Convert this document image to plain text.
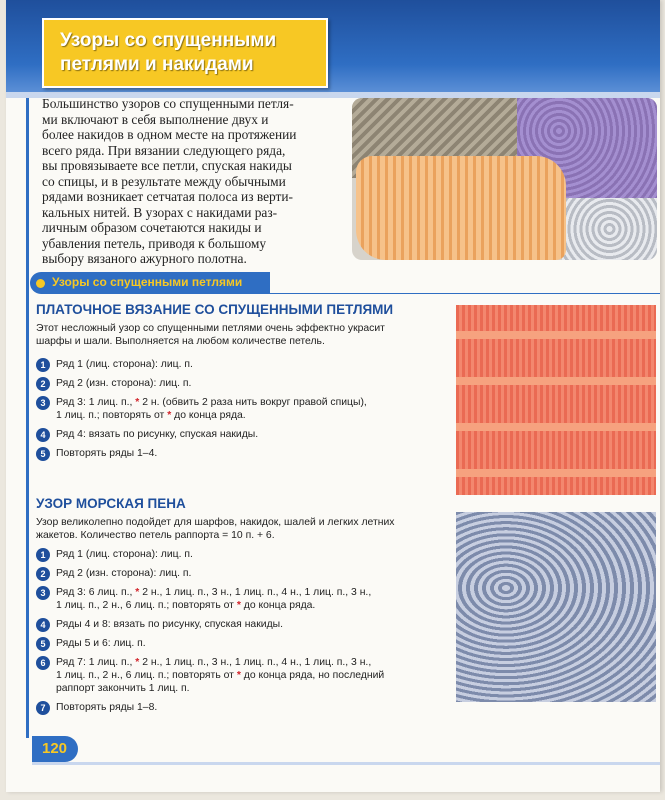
Узоры со спущенными
петлями и накидами
Большинство узоров со спущенными петля-
ми включают в себя выполнение двух и
более накидов в одном месте на протяжении
всего ряда. При вязании следующего ряда,
вы провязываете все петли, спуская накиды
со спицы, и в результате между обычными
рядами возникает сетчатая полоса из верти-
кальных нитей. В узорах с накидами раз-
личным образом сочетаются накиды и
убавления петель, приводя к большому
выбору вязаного ажурного полотна.
Узоры со спущенными петлями
ПЛАТОЧНОЕ ВЯЗАНИЕ СО СПУЩЕННЫМИ ПЕТЛЯМИ
Этот несложный узор со спущенными петлями очень эффектно украсит
шарфы и шали. Выполняется на любом количестве петель.
1	Ряд 1 (лиц. сторона): лиц. п.
2	Ряд 2 (изн. сторона): лиц. п.
3	Ряд 3: 1 лиц. п., * 2 н. (обвить 2 раза нить вокруг правой спицы),
1 лиц. п.; повторять от * до конца ряда.
4	Ряд 4: вязать по рисунку, спуская накиды.
5	Повторять ряды 1–4.
УЗОР МОРСКАЯ ПЕНА
Узор великолепно подойдет для шарфов, накидок, шалей и легких летних
жакетов. Количество петель раппорта = 10 п. + 6.
1	Ряд 1 (лиц. сторона): лиц. п.
2	Ряд 2 (изн. сторона): лиц. п.
3	Ряд 3: 6 лиц. п., * 2 н., 1 лиц. п., 3 н., 1 лиц. п., 4 н., 1 лиц. п., 3 н.,
1 лиц. п., 2 н., 6 лиц. п.; повторять от * до конца ряда.
4	Ряды 4 и 8: вязать по рисунку, спуская накиды.
5	Ряды 5 и 6: лиц. п.
6	Ряд 7: 1 лиц. п., * 2 н., 1 лиц. п., 3 н., 1 лиц. п., 4 н., 1 лиц. п., 3 н.,
1 лиц. п., 2 н., 6 лиц. п.; повторять от * до конца ряда, но последний
раппорт закончить 1 лиц. п.
7	Повторять ряды 1–8.
120
